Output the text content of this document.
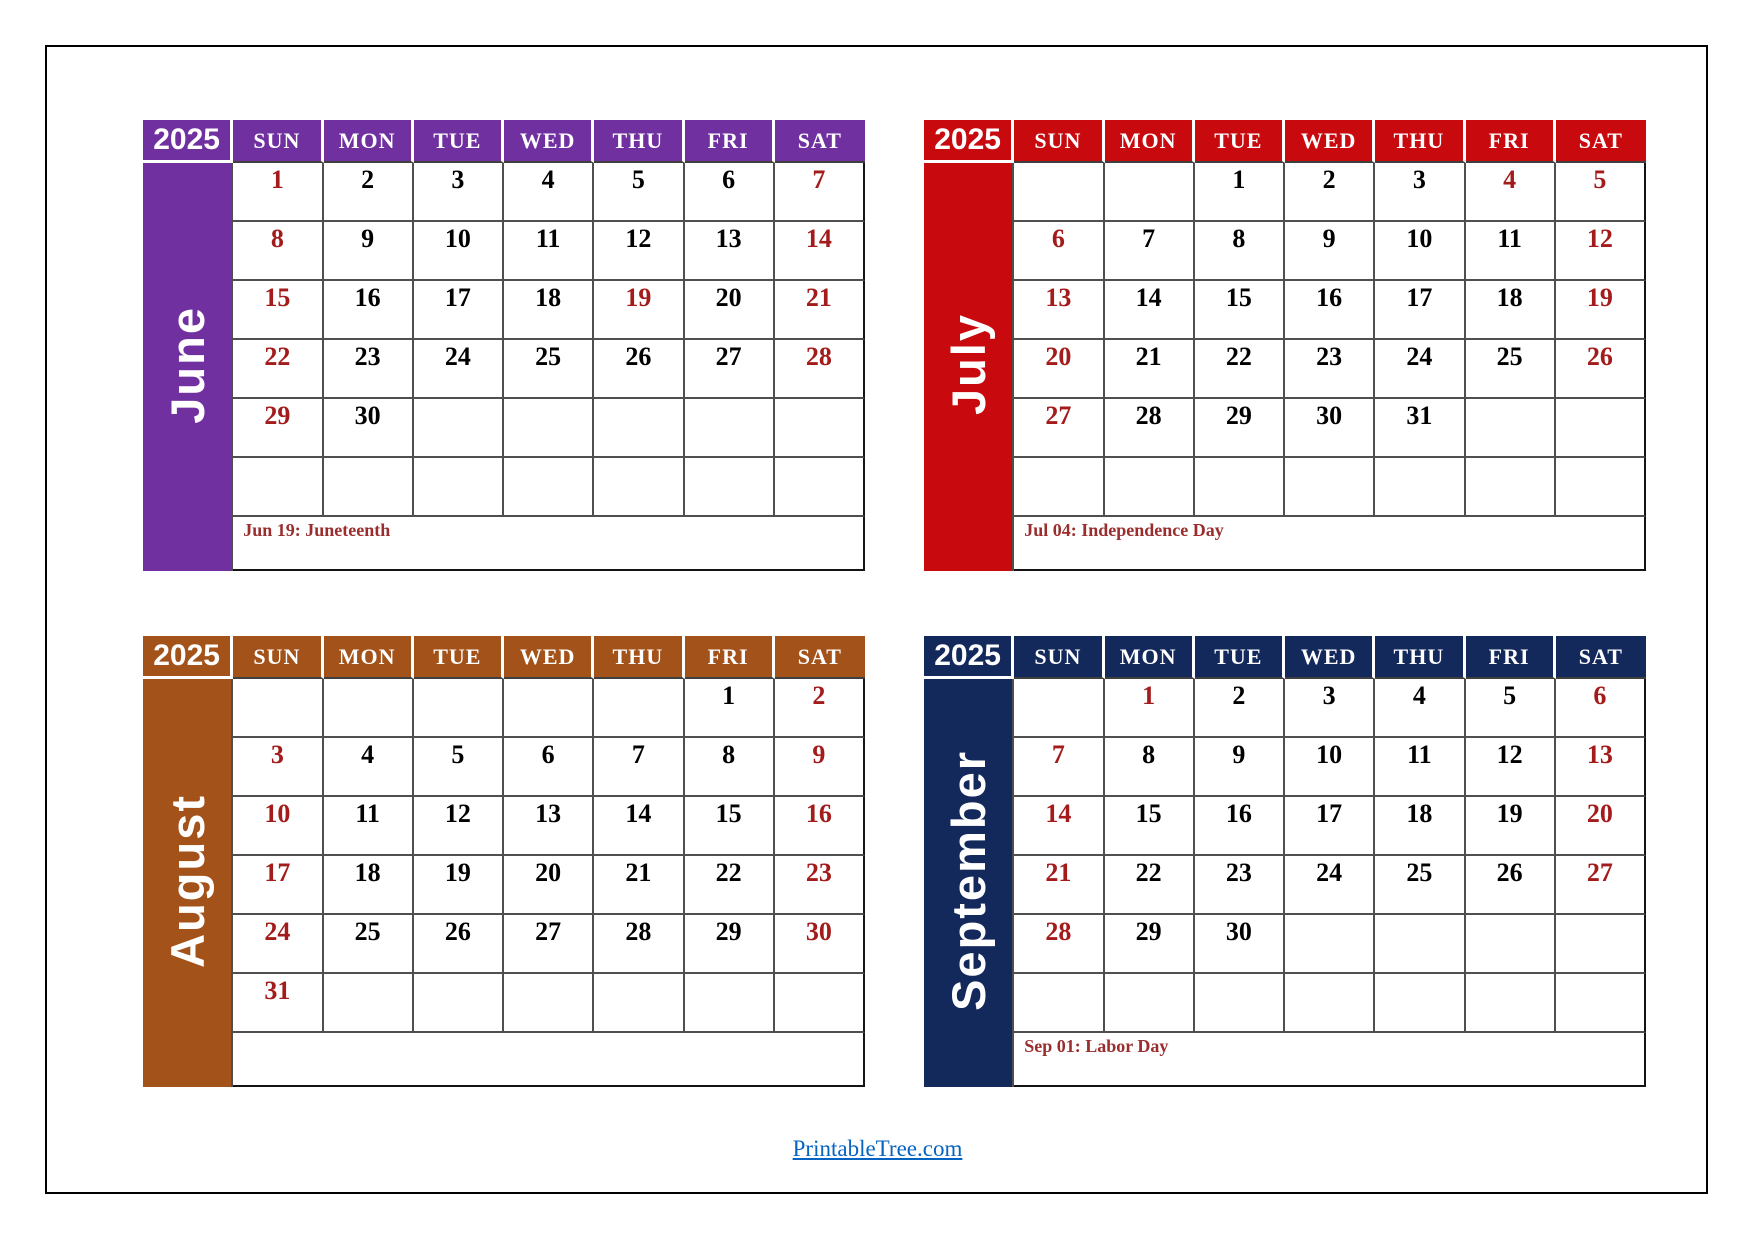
2025	SUN	MON	TUE	WED	THU	FRI	SAT
June	1	2	3	4	5	6	7
	8	9	10	11	12	13	14
	15	16	17	18	19	20	21
	22	23	24	25	26	27	28
	29	30					

	Jun 19: Juneteenth						
2025	SUN	MON	TUE	WED	THU	FRI	SAT
July			1	2	3	4	5
	6	7	8	9	10	11	12
	13	14	15	16	17	18	19
	20	21	22	23	24	25	26
	27	28	29	30	31		

	Jul 04: Independence Day						
2025	SUN	MON	TUE	WED	THU	FRI	SAT
August						1	2
	3	4	5	6	7	8	9
	10	11	12	13	14	15	16
	17	18	19	20	21	22	23
	24	25	26	27	28	29	30
	31						

2025	SUN	MON	TUE	WED	THU	FRI	SAT
September		1	2	3	4	5	6
	7	8	9	10	11	12	13
	14	15	16	17	18	19	20
	21	22	23	24	25	26	27
	28	29	30				

	Sep 01: Labor Day						
PrintableTree.com
